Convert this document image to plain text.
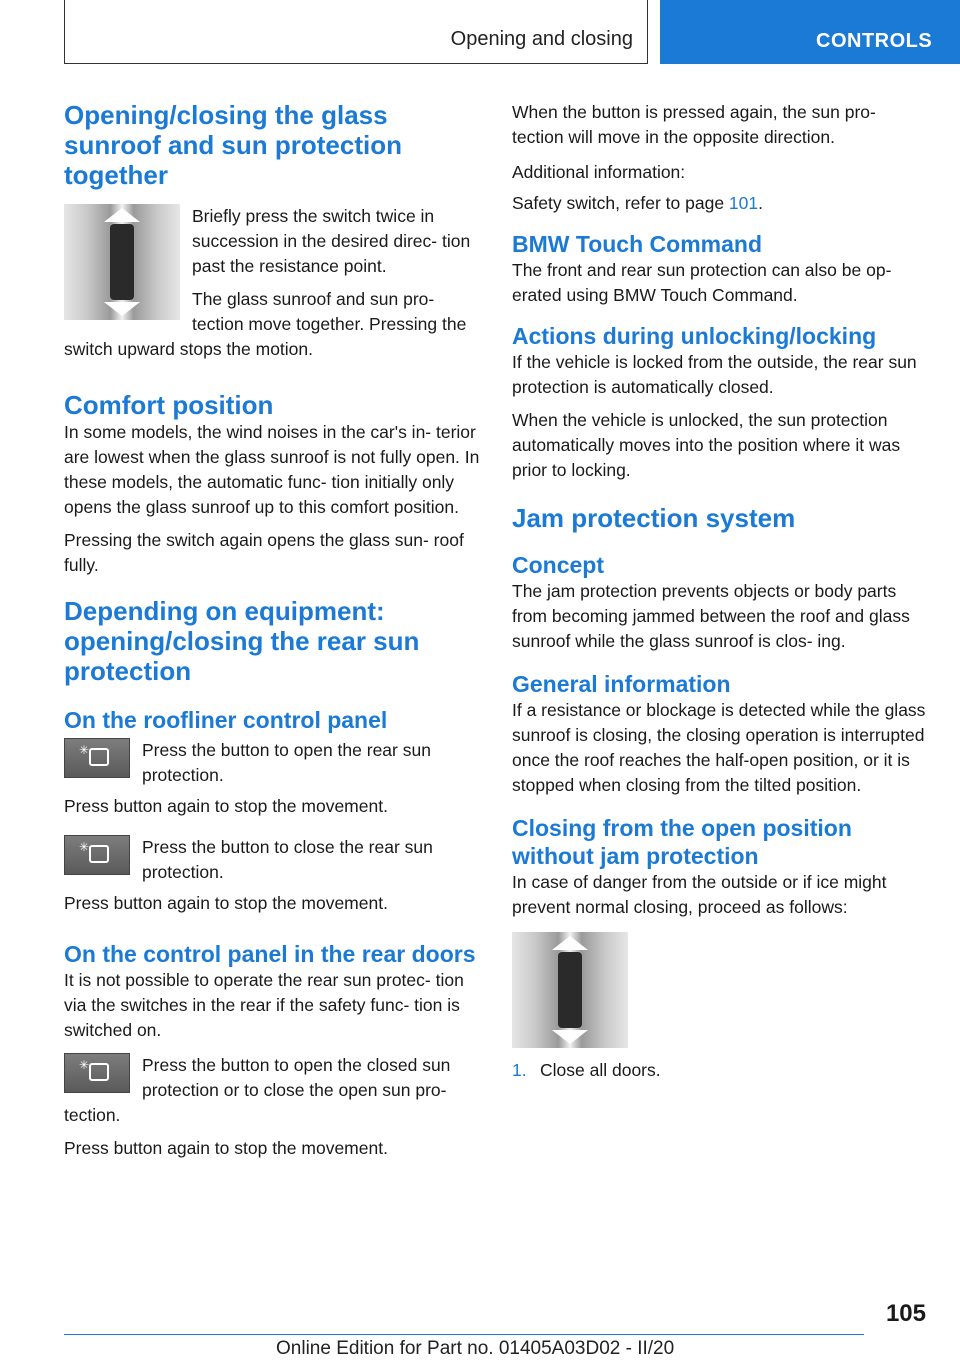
Opening and closing	CONTROLS
Opening/closing the glass sunroof and sun protection together

Briefly press the switch twice in succession in the desired direc‐ tion past the resistance point.

The glass sunroof and sun pro‐ tection move together. Pressing the switch upward stops the motion.

Comfort position

In some models, the wind noises in the car's in‐ terior are lowest when the glass sunroof is not fully open. In these models, the automatic func‐ tion initially only opens the glass sunroof up to this comfort position.

Pressing the switch again opens the glass sun‐ roof fully.

Depending on equipment: opening/closing the rear sun protection
On the roofliner control panel
✳	Press the button to open the rear sun protection.

Press button again to stop the movement.

✳	Press the button to close the rear sun protection.

Press button again to stop the movement.

On the control panel in the rear doors

It is not possible to operate the rear sun protec‐ tion via the switches in the rear if the safety func‐ tion is switched on.

✳	Press the button to open the closed sun protection or to close the open sun pro‐ tection.

Press button again to stop the movement.

When the button is pressed again, the sun pro‐ tection will move in the opposite direction.

Additional information:

Safety switch, refer to page 101.

BMW Touch Command

The front and rear sun protection can also be op‐ erated using BMW Touch Command.

Actions during unlocking/locking

If the vehicle is locked from the outside, the rear sun protection is automatically closed.

When the vehicle is unlocked, the sun protection automatically moves into the position where it was prior to locking.

Jam protection system
Concept

The jam protection prevents objects or body parts from becoming jammed between the roof and glass sunroof while the glass sunroof is clos‐ ing.

General information

If a resistance or blockage is detected while the glass sunroof is closing, the closing operation is interrupted once the roof reaches the half-open position, or it is stopped when closing from the tilted position.

Closing from the open position without jam protection

In case of danger from the outside or if ice might prevent normal closing, proceed as follows:

1. Close all doors.

105
Online Edition for Part no. 01405A03D02 - II/20
